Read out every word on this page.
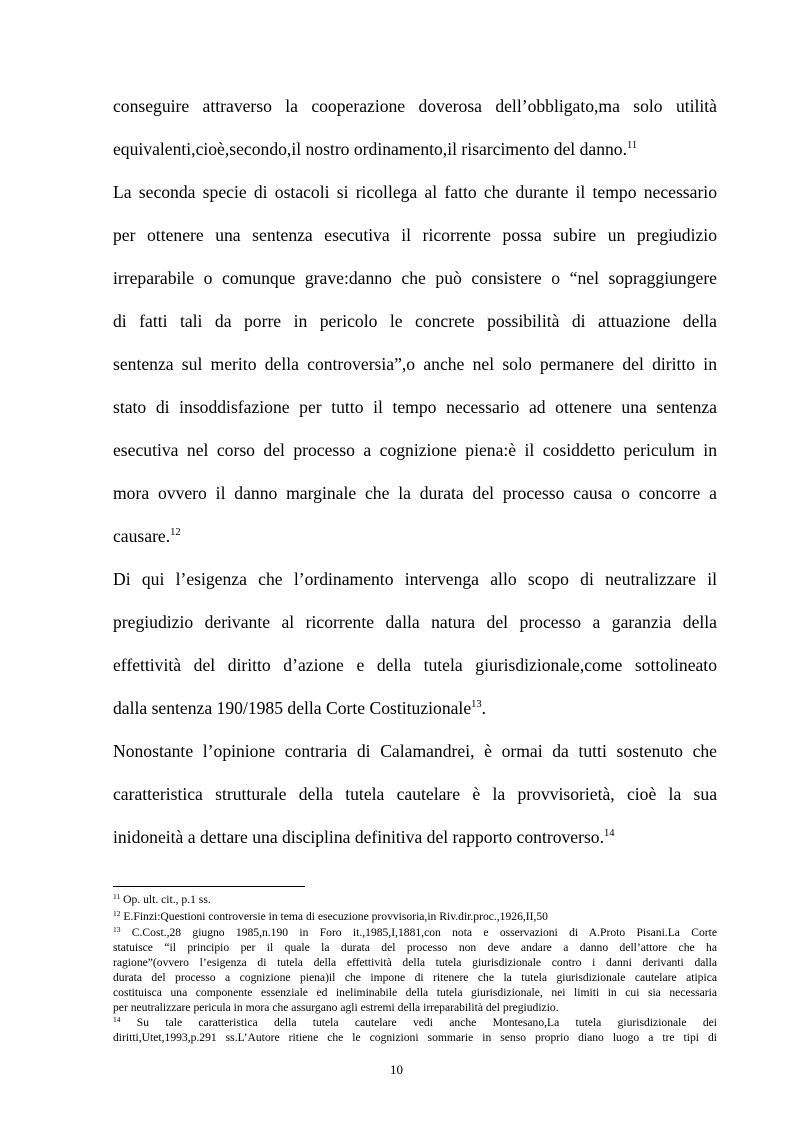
conseguire attraverso la cooperazione doverosa dell’obbligato,ma solo utilità
equivalenti,cioè,secondo,il nostro ordinamento,il risarcimento del danno.$^{11}$
La seconda specie di ostacoli si ricollega al fatto che durante il tempo necessario
per ottenere una sentenza esecutiva il ricorrente possa subire un pregiudizio
irreparabile o comunque grave:danno che può consistere o “nel sopraggiungere
di fatti tali da porre in pericolo le concrete possibilità di attuazione della
sentenza sul merito della controversia”,o anche nel solo permanere del diritto in
stato di insoddisfazione per tutto il tempo necessario ad ottenere una sentenza
esecutiva nel corso del processo a cognizione piena:è il cosiddetto periculum in
mora ovvero il danno marginale che la durata del processo causa o concorre a
causare.$^{12}$
Di qui l’esigenza che l’ordinamento intervenga allo scopo di neutralizzare il
pregiudizio derivante al ricorrente dalla natura del processo a garanzia della
effettività del diritto d’azione e della tutela giurisdizionale,come sottolineato
dalla sentenza 190/1985 della Corte Costituzionale$^{13}$.
Nonostante l’opinione contraria di Calamandrei, è ormai da tutti sostenuto che
caratteristica strutturale della tutela cautelare è la provvisorietà, cioè la sua
inidoneità a dettare una disciplina definitiva del rapporto controverso.$^{14}$
$^{11}$ Op. ult. cit., p.1 ss.
$^{12}$ E.Finzi:Questioni controversie in tema di esecuzione provvisoria,in Riv.dir.proc.,1926,II,50
$^{13}$ C.Cost.,28 giugno 1985,n.190 in Foro it.,1985,I,1881,con nota e osservazioni di A.Proto Pisani.La Corte
statuisce “il principio per il quale la durata del processo non deve andare a danno dell’attore che ha
ragione”(ovvero l’esigenza di tutela della effettività della tutela giurisdizionale contro i danni derivanti dalla
durata del processo a cognizione piena)il che impone di ritenere che la tutela giurisdizionale cautelare atipica
costituisca una componente essenziale ed ineliminabile della tutela giurisdizionale, nei limiti in cui sia necessaria
per neutralizzare pericula in mora che assurgano agli estremi della irreparabilità del pregiudizio.
$^{14}$ Su tale caratteristica della tutela cautelare vedi anche Montesano,La tutela giurisdizionale dei
diritti,Utet,1993,p.291 ss.L’Autore ritiene che le cognizioni sommarie in senso proprio diano luogo a tre tipi di
10
